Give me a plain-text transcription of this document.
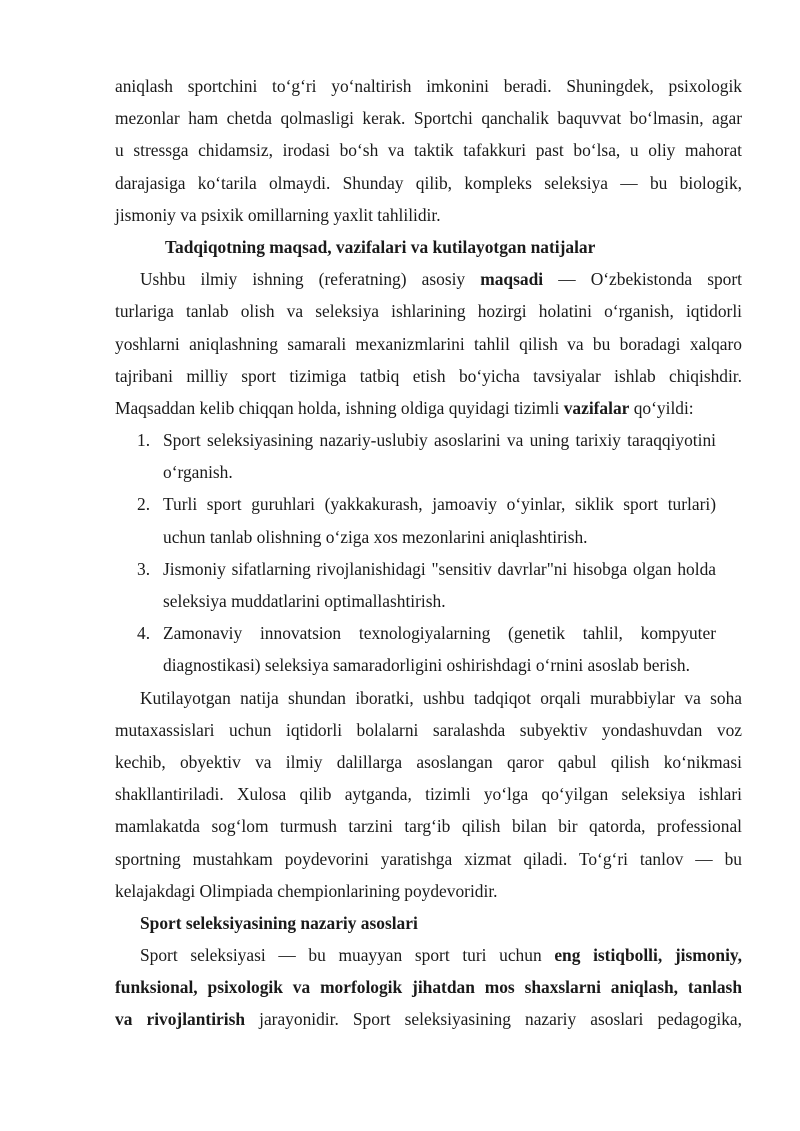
aniqlash sportchini to‘g‘ri yo‘naltirish imkonini beradi. Shuningdek, psixologik
mezonlar ham chetda qolmasligi kerak. Sportchi qanchalik baquvvat bo‘lmasin, agar
u stressga chidamsiz, irodasi bo‘sh va taktik tafakkuri past bo‘lsa, u oliy mahorat
darajasiga ko‘tarila olmaydi. Shunday qilib, kompleks seleksiya — bu biologik,
jismoniy va psixik omillarning yaxlit tahlilidir.
Tadqiqotning maqsad, vazifalari va kutilayotgan natijalar
Ushbu ilmiy ishning (referatning) asosiy maqsadi — O‘zbekistonda sport
turlariga tanlab olish va seleksiya ishlarining hozirgi holatini o‘rganish, iqtidorli
yoshlarni aniqlashning samarali mexanizmlarini tahlil qilish va bu boradagi xalqaro
tajribani milliy sport tizimiga tatbiq etish bo‘yicha tavsiyalar ishlab chiqishdir.
Maqsaddan kelib chiqqan holda, ishning oldiga quyidagi tizimli vazifalar qo‘yildi:
1. Sport seleksiyasining nazariy-uslubiy asoslarini va uning tarixiy taraqqiyotini
o‘rganish.
2. Turli sport guruhlari (yakkakurash, jamoaviy o‘yinlar, siklik sport turlari)
uchun tanlab olishning o‘ziga xos mezonlarini aniqlashtirish.
3. Jismoniy sifatlarning rivojlanishidagi "sensitiv davrlar"ni hisobga olgan holda
seleksiya muddatlarini optimallashtirish.
4. Zamonaviy innovatsion texnologiyalarning (genetik tahlil, kompyuter
diagnostikasi) seleksiya samaradorligini oshirishdagi o‘rnini asoslab berish.
Kutilayotgan natija shundan iboratki, ushbu tadqiqot orqali murabbiylar va soha
mutaxassislari uchun iqtidorli bolalarni saralashda subyektiv yondashuvdan voz
kechib, obyektiv va ilmiy dalillarga asoslangan qaror qabul qilish ko‘nikmasi
shakllantiriladi. Xulosa qilib aytganda, tizimli yo‘lga qo‘yilgan seleksiya ishlari
mamlakatda sog‘lom turmush tarzini targ‘ib qilish bilan bir qatorda, professional
sportning mustahkam poydevorini yaratishga xizmat qiladi. To‘g‘ri tanlov — bu
kelajakdagi Olimpiada chempionlarining poydevoridir.
Sport seleksiyasining nazariy asoslari
Sport seleksiyasi — bu muayyan sport turi uchun eng istiqbolli, jismoniy,
funksional, psixologik va morfologik jihatdan mos shaxslarni aniqlash, tanlash
va rivojlantirish jarayonidir. Sport seleksiyasining nazariy asoslari pedagogika,
